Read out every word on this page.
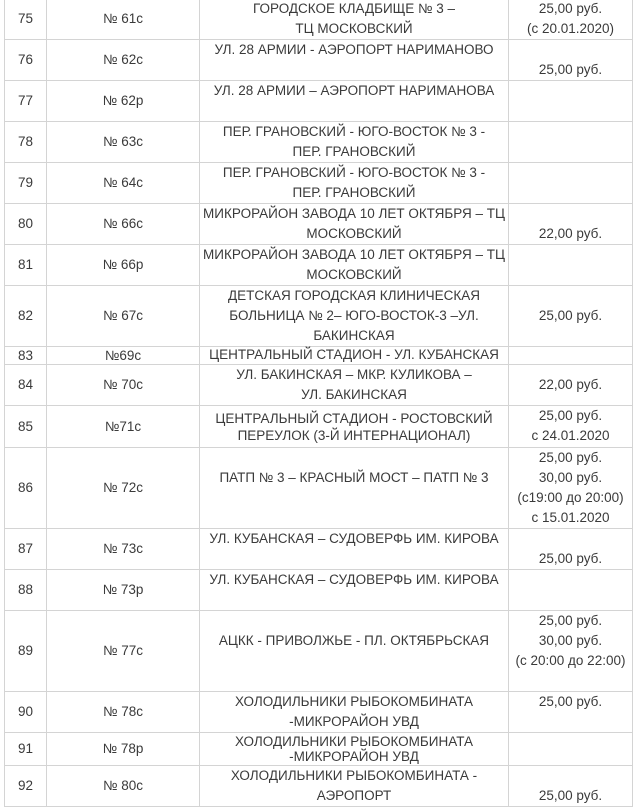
75	№ 61с	ГОРОДСКОЕ КЛАДБИЩЕ № 3 –
ТЦ МОСКОВСКИЙ	25,00 руб.
(с 20.01.2020)

76	№ 62с	УЛ. 28 АРМИИ - АЭРОПОРТ НАРИМАНОВО	25,00 руб.

77	№ 62р	УЛ. 28 АРМИИ – АЭРОПОРТ НАРИМАНОВА	

78	№ 63с	ПЕР. ГРАНОВСКИЙ - ЮГО-ВОСТОК № 3 -
ПЕР. ГРАНОВСКИЙ	

79	№ 64с	ПЕР. ГРАНОВСКИЙ - ЮГО-ВОСТОК № 3 -
ПЕР. ГРАНОВСКИЙ	

80	№ 66с	МИКРОРАЙОН ЗАВОДА 10 ЛЕТ ОКТЯБРЯ – ТЦ
МОСКОВСКИЙ	22,00 руб.

81	№ 66р	МИКРОРАЙОН ЗАВОДА 10 ЛЕТ ОКТЯБРЯ – ТЦ
МОСКОВСКИЙ	

82	№ 67с	ДЕТСКАЯ ГОРОДСКАЯ КЛИНИЧЕСКАЯ
БОЛЬНИЦА № 2– ЮГО-ВОСТОК-3 –УЛ.
БАКИНСКАЯ	25,00 руб.

83	№69с	ЦЕНТРАЛЬНЫЙ СТАДИОН - УЛ. КУБАНСКАЯ	

84	№ 70с	УЛ. БАКИНСКАЯ – МКР. КУЛИКОВА –
УЛ. БАКИНСКАЯ	22,00 руб.

85	№71с	ЦЕНТРАЛЬНЫЙ СТАДИОН - РОСТОВСКИЙ
ПЕРЕУЛОК (3-Й ИНТЕРНАЦИОНАЛ)	25,00 руб.
с 24.01.2020

86	№ 72с	ПАТП № 3 – КРАСНЫЙ МОСТ – ПАТП № 3	25,00 руб.
30,00 руб.
(с19:00 до 20:00)
с 15.01.2020

87	№ 73с	УЛ. КУБАНСКАЯ – СУДОВЕРФЬ ИМ. КИРОВА	25,00 руб.

88	№ 73р	УЛ. КУБАНСКАЯ – СУДОВЕРФЬ ИМ. КИРОВА	

89	№ 77с	АЦКК - ПРИВОЛЖЬЕ - ПЛ. ОКТЯБРЬСКАЯ	25,00 руб.
30,00 руб.
(с 20:00 до 22:00)

90	№ 78с	ХОЛОДИЛЬНИКИ РЫБОКОМБИНАТА
-МИКРОРАЙОН УВД	25,00 руб.

91	№ 78р	ХОЛОДИЛЬНИКИ РЫБОКОМБИНАТА
-МИКРОРАЙОН УВД	

92	№ 80с	ХОЛОДИЛЬНИКИ РЫБОКОМБИНАТА - АЭРОПОРТ	25,00 руб.
